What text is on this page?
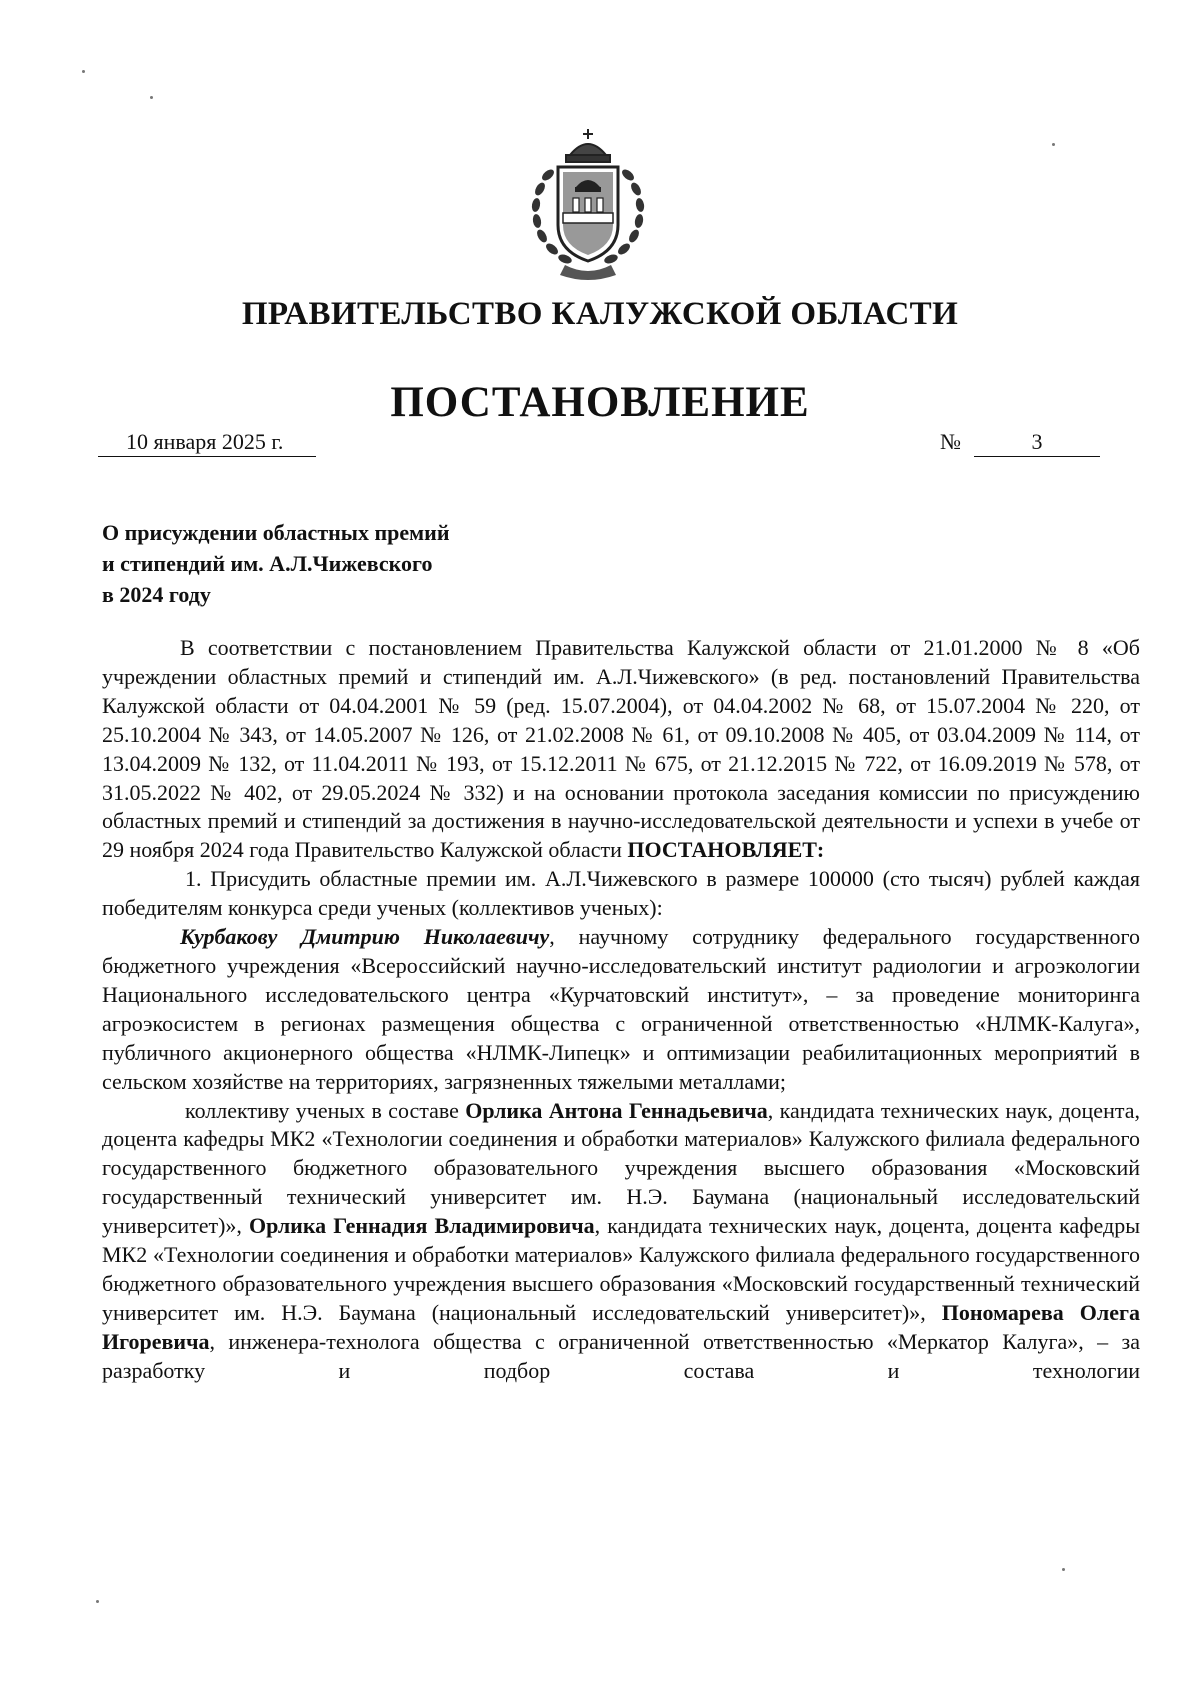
ПРАВИТЕЛЬСТВО КАЛУЖСКОЙ ОБЛАСТИ
ПОСТАНОВЛЕНИЕ
10 января 2025 г.	№	3
О присуждении областных премий
и стипендий им. А.Л.Чижевского
в 2024 году

В соответствии с постановлением Правительства Калужской области от 21.01.2000 № 8 «Об учреждении областных премий и стипендий им. А.Л.Чижевского» (в ред. постановлений Правительства Калужской области от 04.04.2001 № 59 (ред. 15.07.2004), от 04.04.2002 № 68, от 15.07.2004 № 220, от 25.10.2004 № 343, от 14.05.2007 № 126, от 21.02.2008 № 61, от 09.10.2008 № 405, от 03.04.2009 № 114, от 13.04.2009 № 132, от 11.04.2011 № 193, от 15.12.2011 № 675, от 21.12.2015 № 722, от 16.09.2019 № 578, от 31.05.2022 № 402, от 29.05.2024 № 332) и на основании протокола заседания комиссии по присуждению областных премий и стипендий за достижения в научно-исследовательской деятельности и успехи в учебе от 29 ноября 2024 года Правительство Калужской области ПОСТАНОВЛЯЕТ:

1. Присудить областные премии им. А.Л.Чижевского в размере 100000 (сто тысяч) рублей каждая победителям конкурса среди ученых (коллективов ученых):

Курбакову Дмитрию Николаевичу, научному сотруднику федерального государственного бюджетного учреждения «Всероссийский научно-исследовательский институт радиологии и агроэкологии Национального исследовательского центра «Курчатовский институт», – за проведение мониторинга агроэкосистем в регионах размещения общества с ограниченной ответственностью «НЛМК-Калуга», публичного акционерного общества «НЛМК-Липецк» и оптимизации реабилитационных мероприятий в сельском хозяйстве на территориях, загрязненных тяжелыми металлами;

коллективу ученых в составе Орлика Антона Геннадьевича, кандидата технических наук, доцента, доцента кафедры МК2 «Технологии соединения и обработки материалов» Калужского филиала федерального государственного бюджетного образовательного учреждения высшего образования «Московский государственный технический университет им. Н.Э. Баумана (национальный исследовательский университет)», Орлика Геннадия Владимировича, кандидата технических наук, доцента, доцента кафедры МК2 «Технологии соединения и обработки материалов» Калужского филиала федерального государственного бюджетного образовательного учреждения высшего образования «Московский государственный технический университет им. Н.Э. Баумана (национальный исследовательский университет)», Пономарева Олега Игоревича, инженера-технолога общества с ограниченной ответственностью «Меркатор Калуга», – за разработку и подбор состава и технологии
